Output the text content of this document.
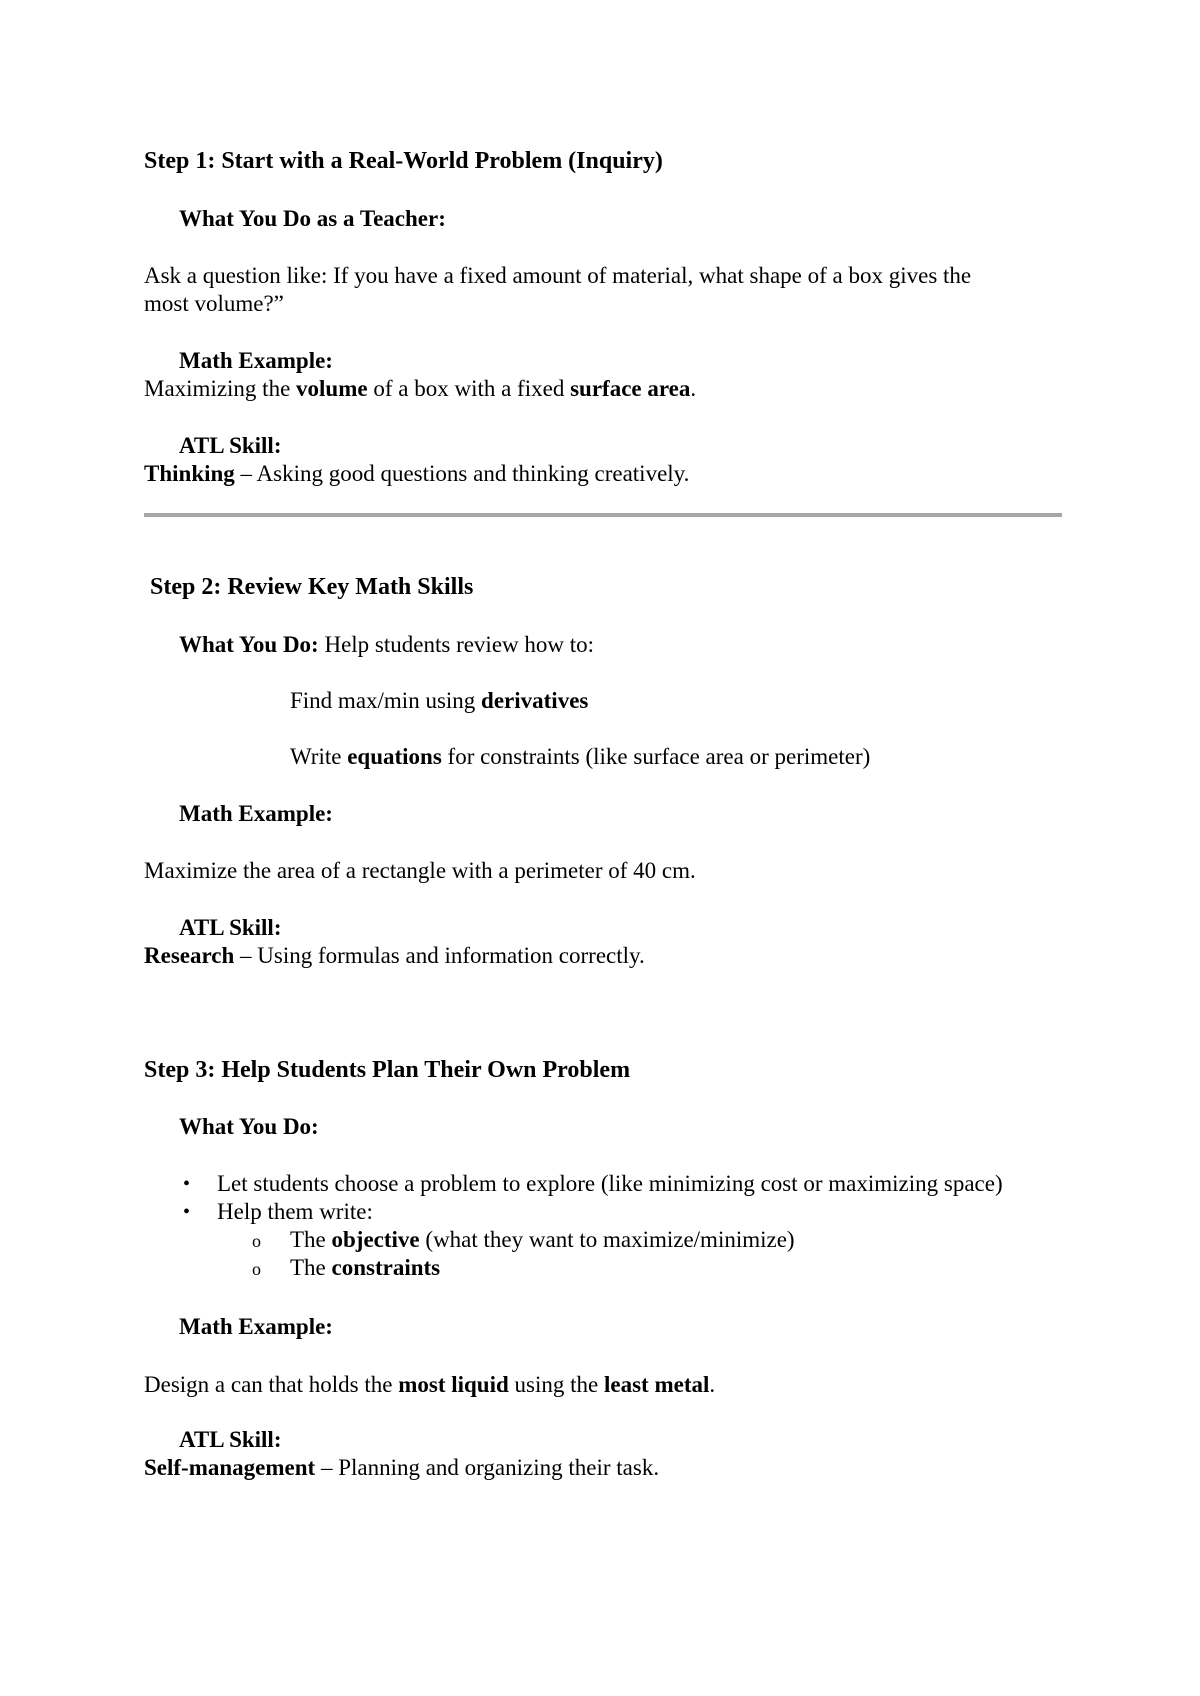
Step 1: Start with a Real-World Problem (Inquiry)
What You Do as a Teacher:
Ask a question like: If you have a fixed amount of material, what shape of a box gives the
most volume?”
Math Example:
Maximizing the volume of a box with a fixed surface area.
ATL Skill:
Thinking – Asking good questions and thinking creatively.
Step 2: Review Key Math Skills
What You Do: Help students review how to:
Find max/min using derivatives
Write equations for constraints (like surface area or perimeter)
Math Example:
Maximize the area of a rectangle with a perimeter of 40 cm.
ATL Skill:
Research – Using formulas and information correctly.
Step 3: Help Students Plan Their Own Problem
What You Do:
• Let students choose a problem to explore (like minimizing cost or maximizing space)
• Help them write:
o The objective (what they want to maximize/minimize)
o The constraints
Math Example:
Design a can that holds the most liquid using the least metal.
ATL Skill:
Self-management – Planning and organizing their task.
